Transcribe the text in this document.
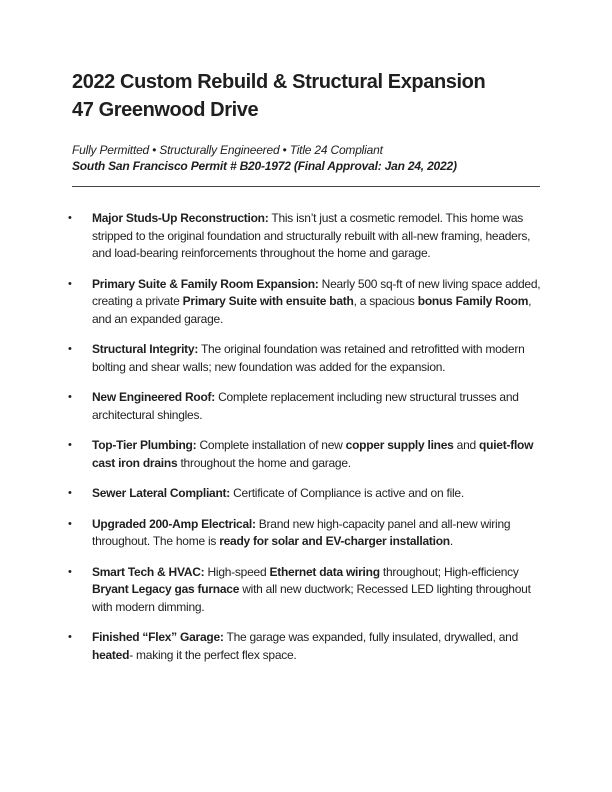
2022 Custom Rebuild & Structural Expansion
47 Greenwood Drive

Fully Permitted • Structurally Engineered • Title 24 Compliant

South San Francisco Permit # B20-1972 (Final Approval: Jan 24, 2022)

•	Major Studs-Up Reconstruction: This isn’t just a cosmetic remodel. This home was stripped to the original foundation and structurally rebuilt with all-new framing, headers, and load-bearing reinforcements throughout the home and garage.
•	Primary Suite & Family Room Expansion: Nearly 500 sq-ft of new living space added, creating a private Primary Suite with ensuite bath, a spacious bonus Family Room, and an expanded garage.
•	Structural Integrity: The original foundation was retained and retrofitted with modern bolting and shear walls; new foundation was added for the expansion.
•	New Engineered Roof: Complete replacement including new structural trusses and architectural shingles.
•	Top-Tier Plumbing: Complete installation of new copper supply lines and quiet-flow cast iron drains throughout the home and garage.
•	Sewer Lateral Compliant: Certificate of Compliance is active and on file.
•	Upgraded 200-Amp Electrical: Brand new high-capacity panel and all-new wiring throughout. The home is ready for solar and EV-charger installation.
•	Smart Tech & HVAC: High-speed Ethernet data wiring throughout; High-efficiency Bryant Legacy gas furnace with all new ductwork; Recessed LED lighting throughout with modern dimming.
•	Finished “Flex” Garage: The garage was expanded, fully insulated, drywalled, and heated- making it the perfect flex space.
